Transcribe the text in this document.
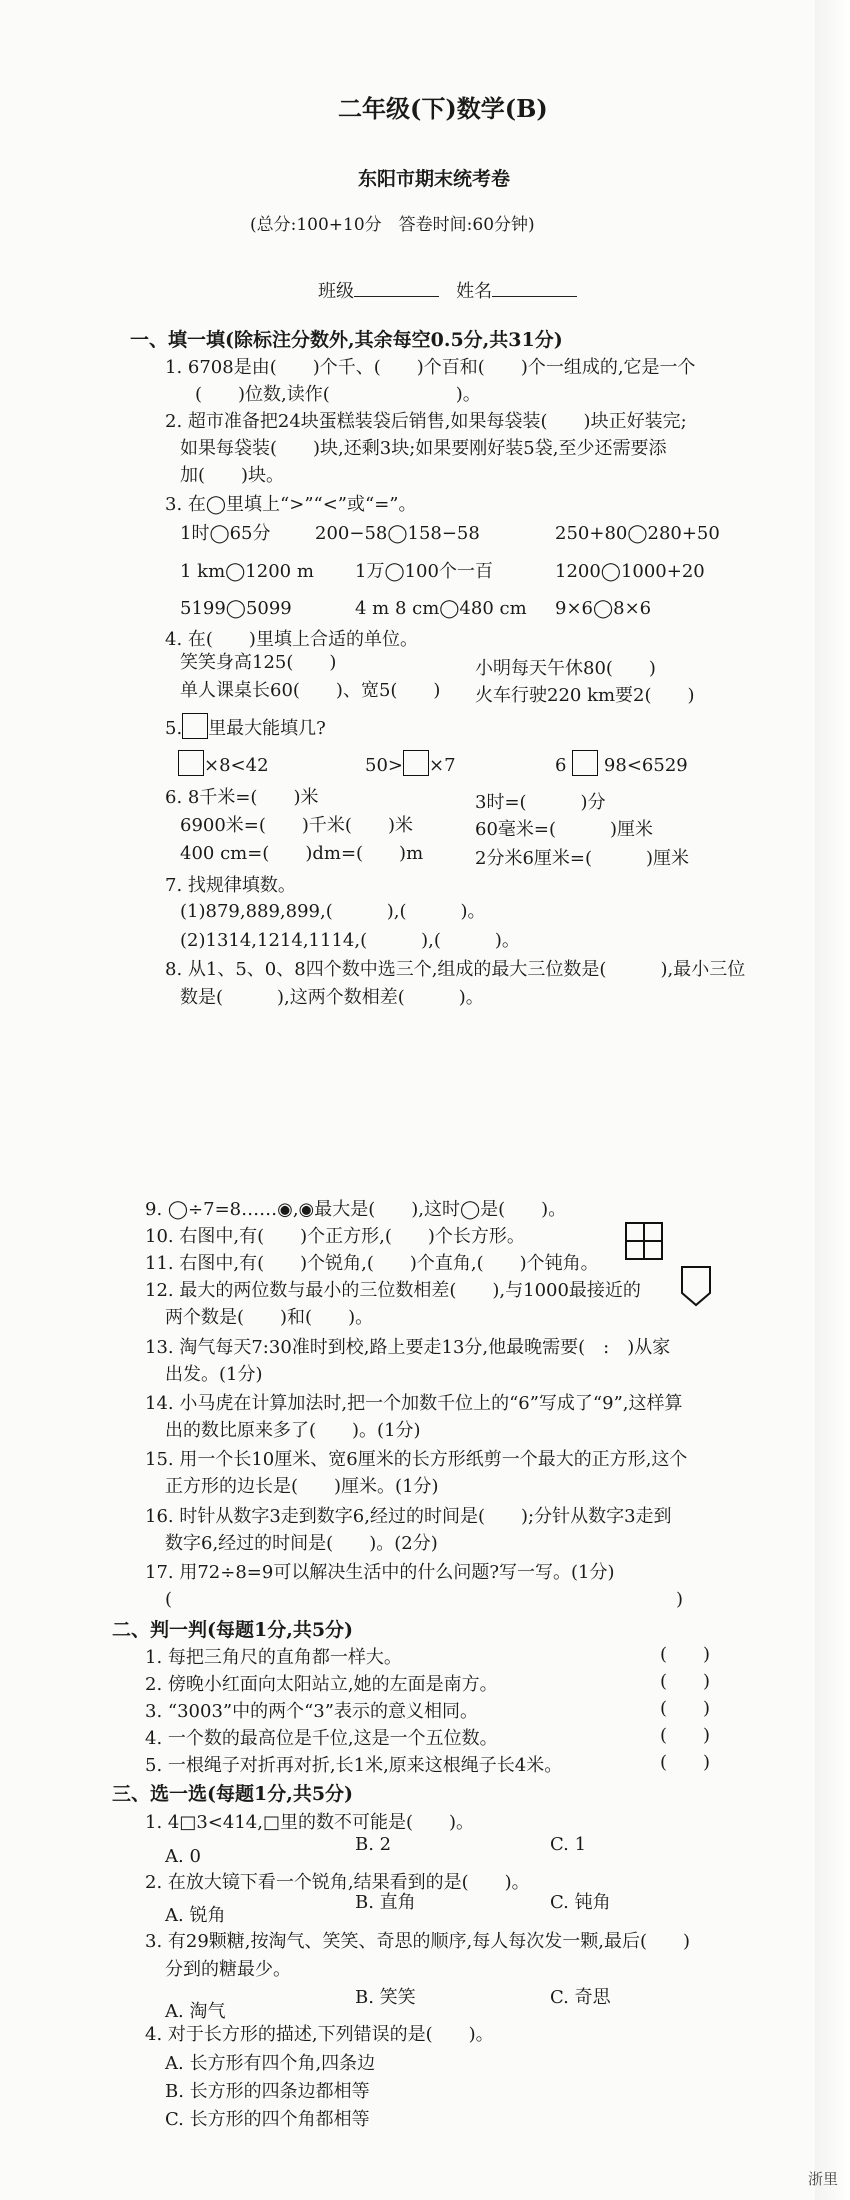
二年级(下)数学(B)
东阳市期末统考卷
(总分:100+10分　答卷时间:60分钟)
班级	姓名
一、填一填(除标注分数外,其余每空0.5分,共31分)
1. 6708是由(　　)个千、(　　)个百和(　　)个一组成的,它是一个
(　　)位数,读作(　　　　　　　)。
2. 超市准备把24块蛋糕装袋后销售,如果每袋装(　　)块正好装完;
如果每袋装(　　)块,还剩3块;如果要刚好装5袋,至少还需要添
加(　　)块。
3. 在◯里填上“>”“<”或“=”。
1时◯65分 200−58◯158−58	250+80◯280+50
1 km◯1200 m 1万◯100个一百	1200◯1000+20
5199◯5099	4 m 8 cm◯480 cm 9×6◯8×6
4. 在(　　)里填上合适的单位。
笑笑身高125(　　)	小明每天午休80(　　)
单人课桌长60(　　)、宽5(　　) 火车行驶220 km要2(　　)
5. 里最大能填几?
×8<42	50> ×7	6 98<6529
6. 8千米=(　　)米	3时=(　　　)分
6900米=(　　)千米(　　)米	60毫米=(　　　)厘米
400 cm=(　　)dm=(　　)m	2分米6厘米=(　　　)厘米
7. 找规律填数。
(1)879,889,899,(　　　),(　　　)。
(2)1314,1214,1114,(　　　),(　　　)。
8. 从1、5、0、8四个数中选三个,组成的最大三位数是(　　　),最小三位
数是(　　　),这两个数相差(　　　)。
9. ◯÷7=8……◉,◉最大是(　　),这时◯是(　　)。
10. 右图中,有(　　)个正方形,(　　)个长方形。
11. 右图中,有(　　)个锐角,(　　)个直角,(　　)个钝角。
12. 最大的两位数与最小的三位数相差(　　),与1000最接近的
两个数是(　　)和(　　)。
13. 淘气每天7:30准时到校,路上要走13分,他最晚需要(　:　)从家
出发。(1分)
14. 小马虎在计算加法时,把一个加数千位上的“6”写成了“9”,这样算
出的数比原来多了(　　)。(1分)
15. 用一个长10厘米、宽6厘米的长方形纸剪一个最大的正方形,这个
正方形的边长是(　　)厘米。(1分)
16. 时针从数字3走到数字6,经过的时间是(　　);分针从数字3走到
数字6,经过的时间是(　　)。(2分)
17. 用72÷8=9可以解决生活中的什么问题?写一写。(1分)
(　　　　　　　　　　　　　　　　　　　　　　　　　　　　)
二、判一判(每题1分,共5分)
1. 每把三角尺的直角都一样大。	(　　)
2. 傍晚小红面向太阳站立,她的左面是南方。	(　　)
3. “3003”中的两个“3”表示的意义相同。	(　　)
4. 一个数的最高位是千位,这是一个五位数。	(　　)
5. 一根绳子对折再对折,长1米,原来这根绳子长4米。	(　　)
三、选一选(每题1分,共5分)
1. 4□3<414,□里的数不可能是(　　)。
A. 0
B. 2	C. 1
2. 在放大镜下看一个锐角,结果看到的是(　　)。
A. 锐角
B. 直角	C. 钝角
3. 有29颗糖,按淘气、笑笑、奇思的顺序,每人每次发一颗,最后(　　)
分到的糖最少。
A. 淘气
B. 笑笑	C. 奇思
4. 对于长方形的描述,下列错误的是(　　)。
A. 长方形有四个角,四条边
B. 长方形的四条边都相等
C. 长方形的四个角都相等
浙里
